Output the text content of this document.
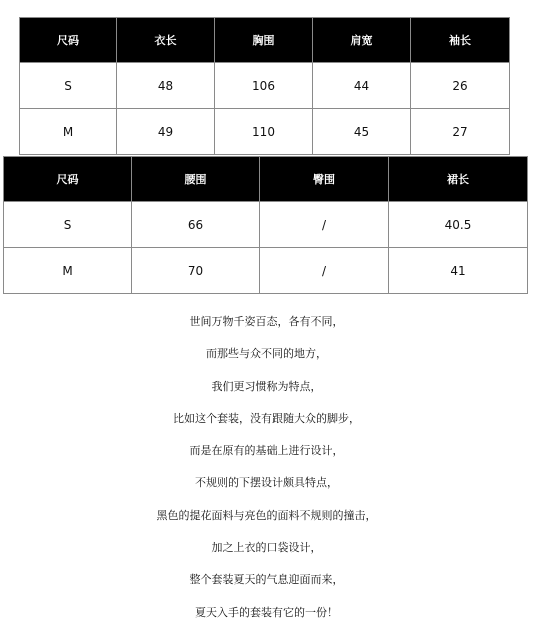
尺码	衣长	胸围	肩宽	袖长
S	48	106	44	26
M	49	110	45	27
尺码	腰围	臀围	裙长
S	66	/	40.5
M	70	/	41
世间万物千姿百态，各有不同，
而那些与众不同的地方，
我们更习惯称为特点，
比如这个套装，没有跟随大众的脚步，
而是在原有的基础上进行设计，
不规则的下摆设计颇具特点，
黑色的提花面料与亮色的面料不规则的撞击，
加之上衣的口袋设计，
整个套装夏天的气息迎面而来，
夏天入手的套装有它的一份！
